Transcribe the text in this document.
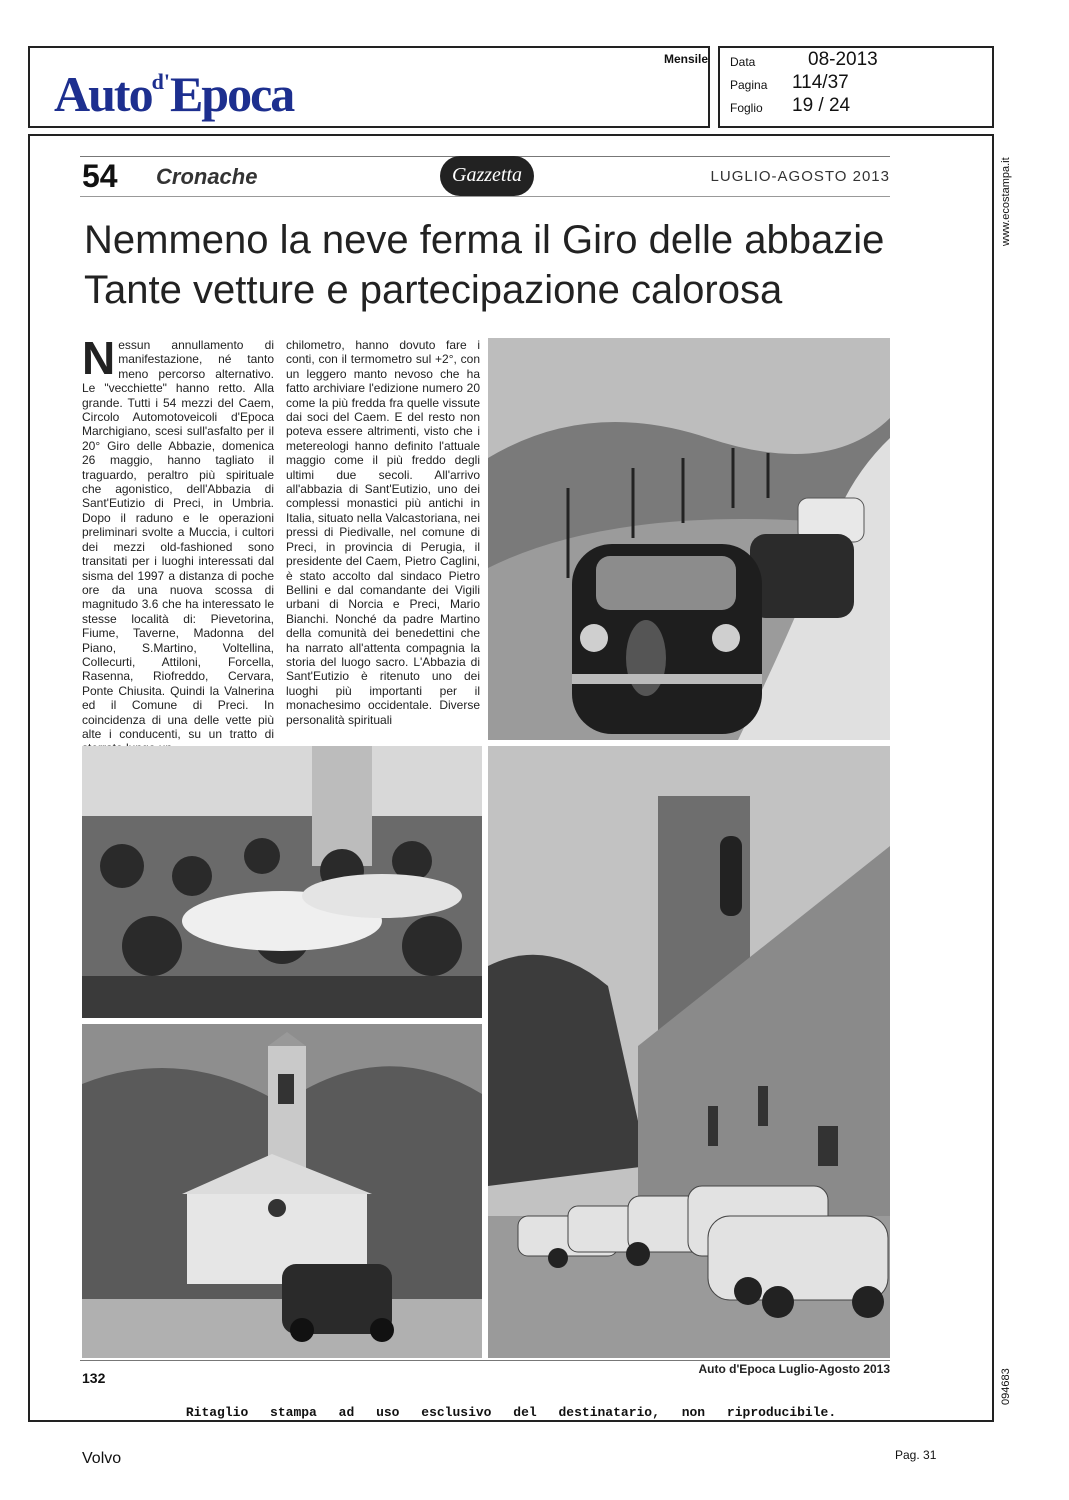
Auto$^{d'}$Epoca
Mensile Data	08-2013
Pagina 114/37
Foglio 19 / 24
www.ecostampa.it
094683
54 Cronache	Gazzetta	LUGLIO-AGOSTO 2013
Nemmeno la neve ferma il Giro delle abbazie
Tante vetture e partecipazione calorosa
Nessun annullamento di manifestazione, né tanto meno percorso alternativo. Le "vecchiette" hanno retto. Alla grande. Tutti i 54 mezzi del Caem, Circolo Automotoveicoli d'Epoca Marchigiano, scesi sull'asfalto per il 20° Giro delle Abbazie, domenica 26 maggio, hanno tagliato il traguardo, peraltro più spirituale che agonistico, dell'Abbazia di Sant'Eutizio di Preci, in Umbria. Dopo il raduno e le operazioni preliminari svolte a Muccia, i cultori dei mezzi old-fashioned sono transitati per i luoghi interessati dal sisma del 1997 a distanza di poche ore da una nuova scossa di magnitudo 3.6 che ha interessato le stesse località di: Pievetorina, Fiume, Taverne, Madonna del Piano, S.Martino, Voltellina, Collecurti, Attiloni, Forcella, Rasenna, Riofreddo, Cervara, Ponte Chiusita. Quindi la Valnerina ed il Comune di Preci. In coincidenza di una delle vette più alte i conducenti, su un tratto di
chilometro, hanno dovuto fare i conti, con il termometro sul +2°, con un leggero manto nevoso che ha fatto archiviare l'edizione numero 20 come la più fredda fra quelle vissute dai soci del Caem. E del resto non poteva essere altrimenti, visto che i metereologi hanno definito l'attuale maggio come il più freddo degli ultimi due secoli. All'arrivo all'abbazia di Sant'Eutizio, uno dei complessi monastici più antichi in Italia, situato nella Valcastoriana, nei pressi di Piedivalle, nel comune di Preci, in provincia di Perugia, il presidente del Caem, Pietro Caglini, è stato accolto dal sindaco Pietro Bellini e dal comandante dei Vigili urbani di Norcia e Preci, Mario Bianchi. Nonché da padre Martino della comunità dei benedettini che ha narrato all'attenta compagnia la storia del luogo sacro. L'Abbazia di Sant'Eutizio è ritenuto uno dei luoghi più importanti per il monachesimo occidentale. Diverse personalità spirituali
132
Auto d'Epoca Luglio-Agosto 2013
Ritaglio stampa ad uso esclusivo del destinatario, non riproducibile.
Volvo	Pag. 31
